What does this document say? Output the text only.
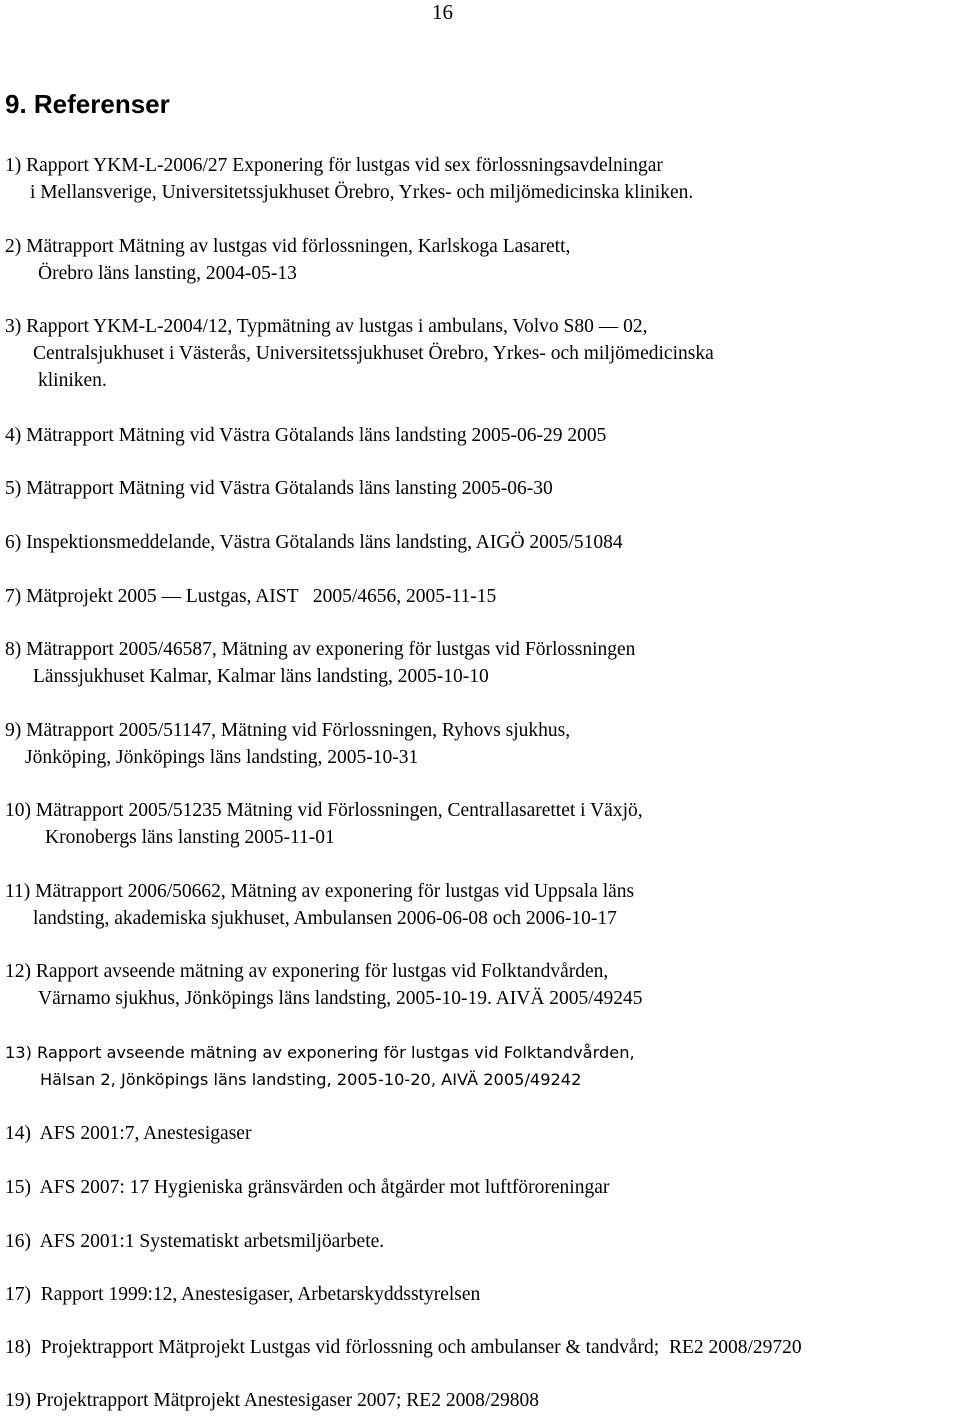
16
9. Referenser
1) Rapport YKM-L-2006/27 Exponering för lustgas vid sex förlossningsavdelningar
i Mellansverige, Universitetssjukhuset Örebro, Yrkes- och miljömedicinska kliniken.
2) Mätrapport Mätning av lustgas vid förlossningen, Karlskoga Lasarett,
Örebro läns lansting, 2004-05-13
3) Rapport YKM-L-2004/12, Typmätning av lustgas i ambulans, Volvo S80 — 02,
Centralsjukhuset i Västerås, Universitetssjukhuset Örebro, Yrkes- och miljömedicinska
kliniken.
4) Mätrapport Mätning vid Västra Götalands läns landsting 2005-06-29 2005
5) Mätrapport Mätning vid Västra Götalands läns lansting 2005-06-30
6) Inspektionsmeddelande, Västra Götalands läns landsting, AIGÖ 2005/51084
7) Mätprojekt 2005 — Lustgas, AIST   2005/4656, 2005-11-15
8) Mätrapport 2005/46587, Mätning av exponering för lustgas vid Förlossningen
Länssjukhuset Kalmar, Kalmar läns landsting, 2005-10-10
9) Mätrapport 2005/51147, Mätning vid Förlossningen, Ryhovs sjukhus,
Jönköping, Jönköpings läns landsting, 2005-10-31
10) Mätrapport 2005/51235 Mätning vid Förlossningen, Centrallasarettet i Växjö,
Kronobergs läns lansting 2005-11-01
11) Mätrapport 2006/50662, Mätning av exponering för lustgas vid Uppsala läns
landsting, akademiska sjukhuset, Ambulansen 2006-06-08 och 2006-10-17
12) Rapport avseende mätning av exponering för lustgas vid Folktandvården,
Värnamo sjukhus, Jönköpings läns landsting, 2005-10-19. AIVÄ 2005/49245
13) Rapport avseende mätning av exponering för lustgas vid Folktandvården,
Hälsan 2, Jönköpings läns landsting, 2005-10-20, AIVÄ 2005/49242
14)  AFS 2001:7, Anestesigaser
15)  AFS 2007: 17 Hygieniska gränsvärden och åtgärder mot luftföroreningar
16)  AFS 2001:1 Systematiskt arbetsmiljöarbete.
17)  Rapport 1999:12, Anestesigaser, Arbetarskyddsstyrelsen
18)  Projektrapport Mätprojekt Lustgas vid förlossning och ambulanser & tandvård;  RE2 2008/29720
19) Projektrapport Mätprojekt Anestesigaser 2007; RE2 2008/29808
